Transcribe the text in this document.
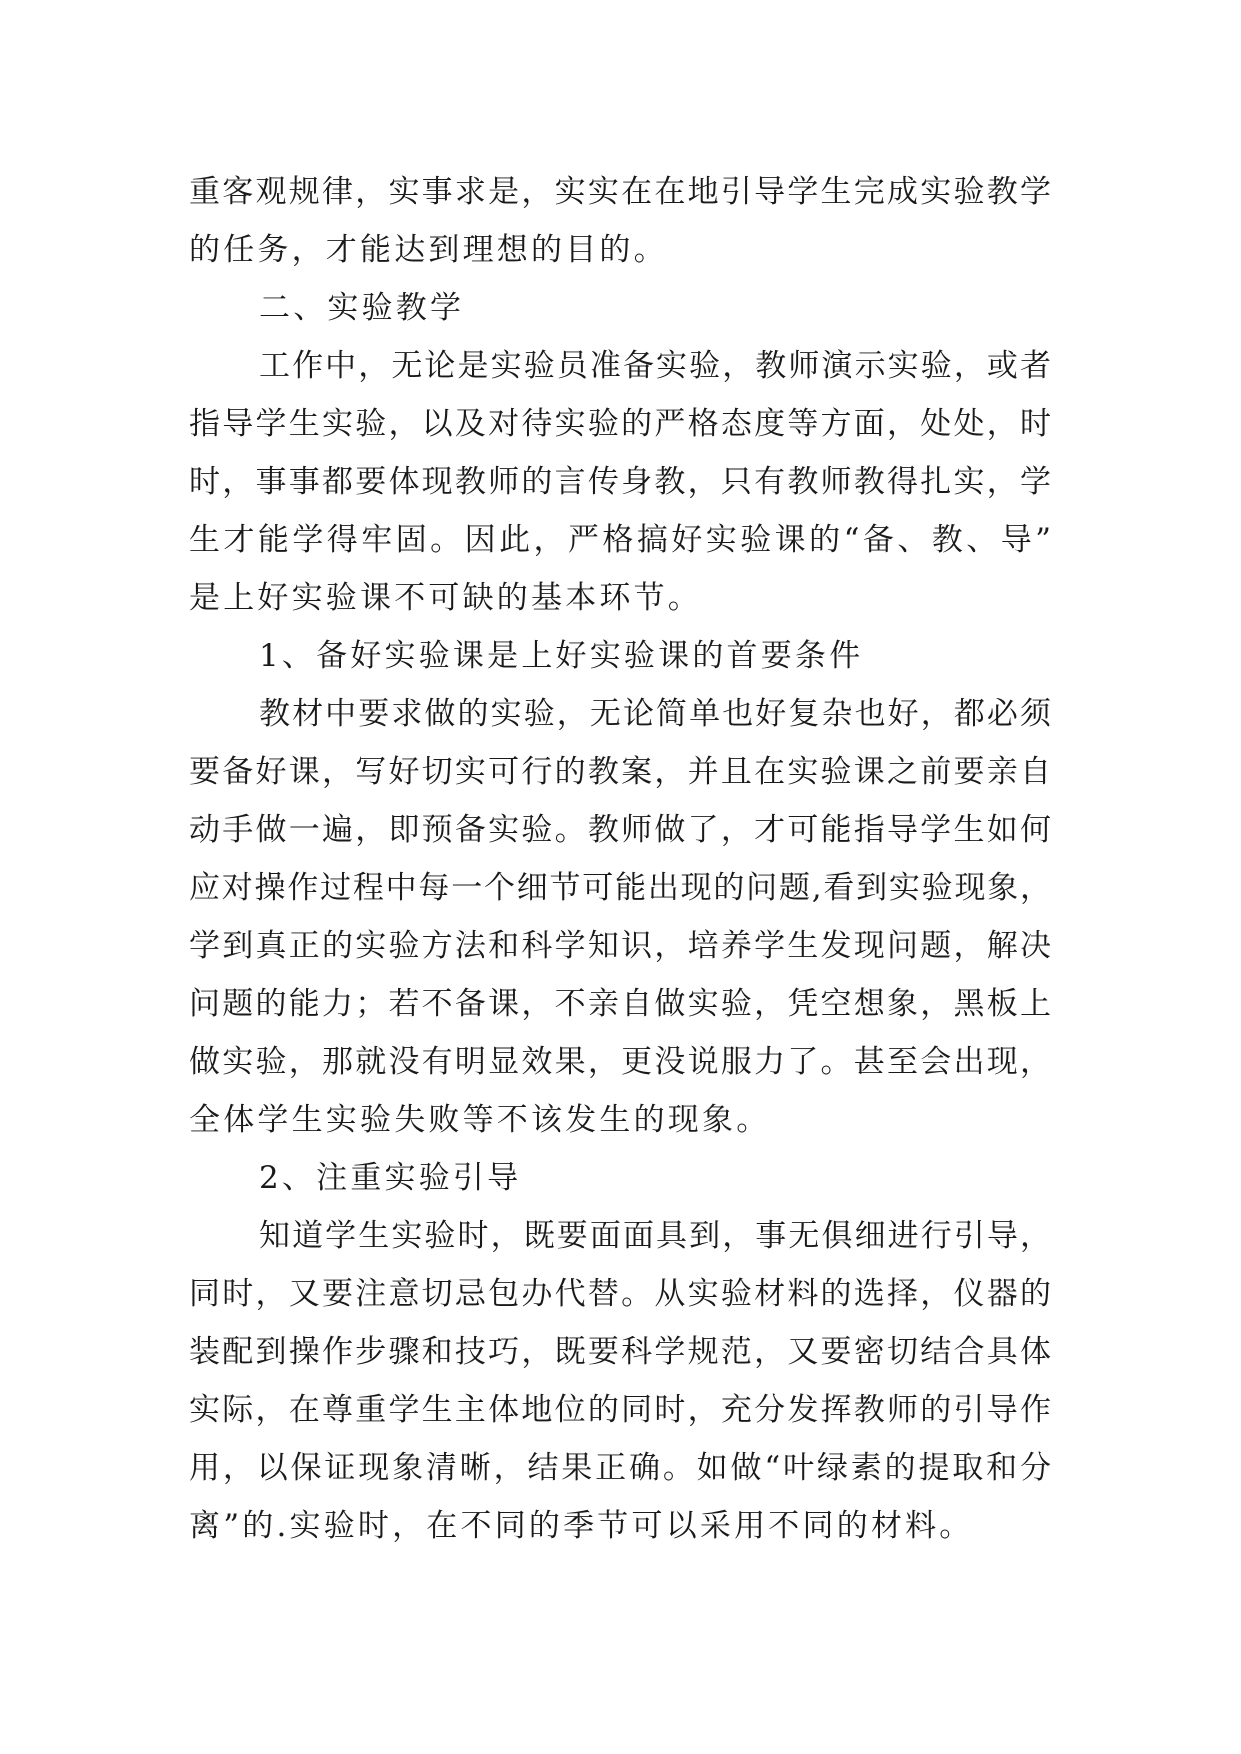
重客观规律，实事求是，实实在在地引导学生完成实验教学
的任务，才能达到理想的目的。
二、实验教学
工作中，无论是实验员准备实验，教师演示实验，或者
指导学生实验，以及对待实验的严格态度等方面，处处，时
时，事事都要体现教师的言传身教，只有教师教得扎实，学
生才能学得牢固。因此，严格搞好实验课的“备、教、导”
是上好实验课不可缺的基本环节。
1、备好实验课是上好实验课的首要条件
教材中要求做的实验，无论简单也好复杂也好，都必须
要备好课，写好切实可行的教案，并且在实验课之前要亲自
动手做一遍，即预备实验。教师做了，才可能指导学生如何
应对操作过程中每一个细节可能出现的问题,看到实验现象，
学到真正的实验方法和科学知识，培养学生发现问题，解决
问题的能力；若不备课，不亲自做实验，凭空想象，黑板上
做实验，那就没有明显效果，更没说服力了。甚至会出现，
全体学生实验失败等不该发生的现象。
2、注重实验引导
知道学生实验时，既要面面具到，事无俱细进行引导，
同时，又要注意切忌包办代替。从实验材料的选择，仪器的
装配到操作步骤和技巧，既要科学规范，又要密切结合具体
实际，在尊重学生主体地位的同时，充分发挥教师的引导作
用，以保证现象清晰，结果正确。如做“叶绿素的提取和分
离”的.实验时，在不同的季节可以采用不同的材料。
